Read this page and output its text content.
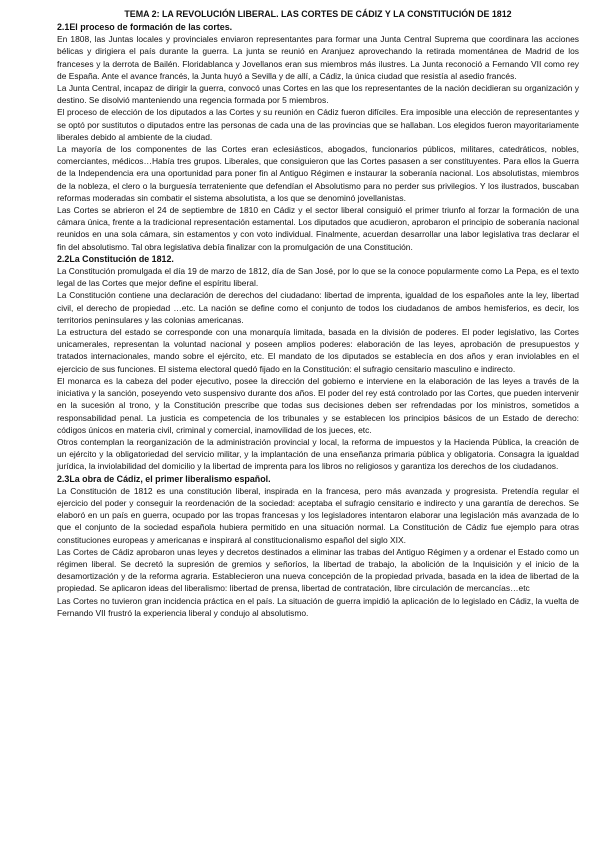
TEMA 2: LA REVOLUCIÓN LIBERAL. LAS CORTES DE CÁDIZ Y LA CONSTITUCIÓN DE 1812
2.1El proceso de formación de las cortes.

En 1808, las Juntas locales y provinciales enviaron representantes para formar una Junta Central Suprema que coordinara las acciones bélicas y dirigiera el país durante la guerra. La junta se reunió en Aranjuez aprovechando la retirada momentánea de Madrid de los franceses y la derrota de Bailén. Floridablanca y Jovellanos eran sus miembros más ilustres. La Junta reconoció a Fernando VII como rey de España. Ante el avance francés, la Junta huyó a Sevilla y de allí, a Cádiz, la única ciudad que resistía al asedio francés.

La Junta Central, incapaz de dirigir la guerra, convocó unas Cortes en las que los representantes de la nación decidieran su organización y destino. Se disolvió manteniendo una regencia formada por 5 miembros.

El proceso de elección de los diputados a las Cortes y su reunión en Cádiz fueron difíciles. Era imposible una elección de representantes y se optó por sustitutos o diputados entre las personas de cada una de las provincias que se hallaban. Los elegidos fueron mayoritariamente liberales debido al ambiente de la ciudad.

La mayoría de los componentes de las Cortes eran eclesiásticos, abogados, funcionarios públicos, militares, catedráticos, nobles, comerciantes, médicos…Había tres grupos. Liberales, que consiguieron que las Cortes pasasen a ser constituyentes. Para ellos la Guerra de la Independencia era una oportunidad para poner fin al Antiguo Régimen e instaurar la soberanía nacional. Los absolutistas, miembros de la nobleza, el clero o la burguesía terrateniente que defendían el Absolutismo para no perder sus privilegios. Y los ilustrados, buscaban reformas moderadas sin combatir el sistema absolutista, a los que se denominó jovellanistas.

Las Cortes se abrieron el 24 de septiembre de 1810 en Cádiz y el sector liberal consiguió el primer triunfo al forzar la formación de una cámara única, frente a la tradicional representación estamental. Los diputados que acudieron, aprobaron el principio de soberanía nacional reunidos en una sola cámara, sin estamentos y con voto individual. Finalmente, acuerdan desarrollar una labor legislativa tras declarar el fin del absolutismo. Tal obra legislativa debía finalizar con la promulgación de una Constitución.

2.2La Constitución de 1812.

La Constitución promulgada el día 19 de marzo de 1812, día de San José, por lo que se la conoce popularmente como La Pepa, es el texto legal de las Cortes que mejor define el espíritu liberal.

La Constitución contiene una declaración de derechos del ciudadano: libertad de imprenta, igualdad de los españoles ante la ley, libertad civil, el derecho de propiedad …etc. La nación se define como el conjunto de todos los ciudadanos de ambos hemisferios, es decir, los territorios peninsulares y las colonias americanas.

La estructura del estado se corresponde con una monarquía limitada, basada en la división de poderes. El poder legislativo, las Cortes unicamerales, representan la voluntad nacional y poseen amplios poderes: elaboración de las leyes, aprobación de presupuestos y tratados internacionales, mando sobre el ejército, etc. El mandato de los diputados se establecía en dos años y eran inviolables en el ejercicio de sus funciones. El sistema electoral quedó fijado en la Constitución: el sufragio censitario masculino e indirecto.

El monarca es la cabeza del poder ejecutivo, posee la dirección del gobierno e interviene en la elaboración de las leyes a través de la iniciativa y la sanción, poseyendo veto suspensivo durante dos años. El poder del rey está controlado por las Cortes, que pueden intervenir en la sucesión al trono, y la Constitución prescribe que todas sus decisiones deben ser refrendadas por los ministros, sometidos a responsabilidad penal. La justicia es competencia de los tribunales y se establecen los principios básicos de un Estado de derecho: códigos únicos en materia civil, criminal y comercial, inamovilidad de los jueces, etc.

Otros contemplan la reorganización de la administración provincial y local, la reforma de impuestos y la Hacienda Pública, la creación de un ejército y la obligatoriedad del servicio militar, y la implantación de una enseñanza primaria pública y obligatoria. Consagra la igualdad jurídica, la inviolabilidad del domicilio y la libertad de imprenta para los libros no religiosos y garantiza los derechos de los ciudadanos.

2.3La obra de Cádiz, el primer liberalismo español.

La Constitución de 1812 es una constitución liberal, inspirada en la francesa, pero más avanzada y progresista. Pretendía regular el ejercicio del poder y conseguir la reordenación de la sociedad: aceptaba el sufragio censitario e indirecto y una garantía de derechos. Se elaboró en un país en guerra, ocupado por las tropas francesas y los legisladores intentaron elaborar una legislación más avanzada de lo que el conjunto de la sociedad española hubiera permitido en una situación normal. La Constitución de Cádiz fue ejemplo para otras constituciones europeas y americanas e inspirará al constitucionalismo español del siglo XIX.

Las Cortes de Cádiz aprobaron unas leyes y decretos destinados a eliminar las trabas del Antiguo Régimen y a ordenar el Estado como un régimen liberal. Se decretó la supresión de gremios y señoríos, la libertad de trabajo, la abolición de la Inquisición y el inicio de la desamortización y de la reforma agraria. Establecieron una nueva concepción de la propiedad privada, basada en la idea de libertad de la propiedad. Se aplicaron ideas del liberalismo: libertad de prensa, libertad de contratación, libre circulación de mercancías…etc

Las Cortes no tuvieron gran incidencia práctica en el país. La situación de guerra impidió la aplicación de lo legislado en Cádiz, la vuelta de Fernando VII frustró la experiencia liberal y condujo al absolutismo.
